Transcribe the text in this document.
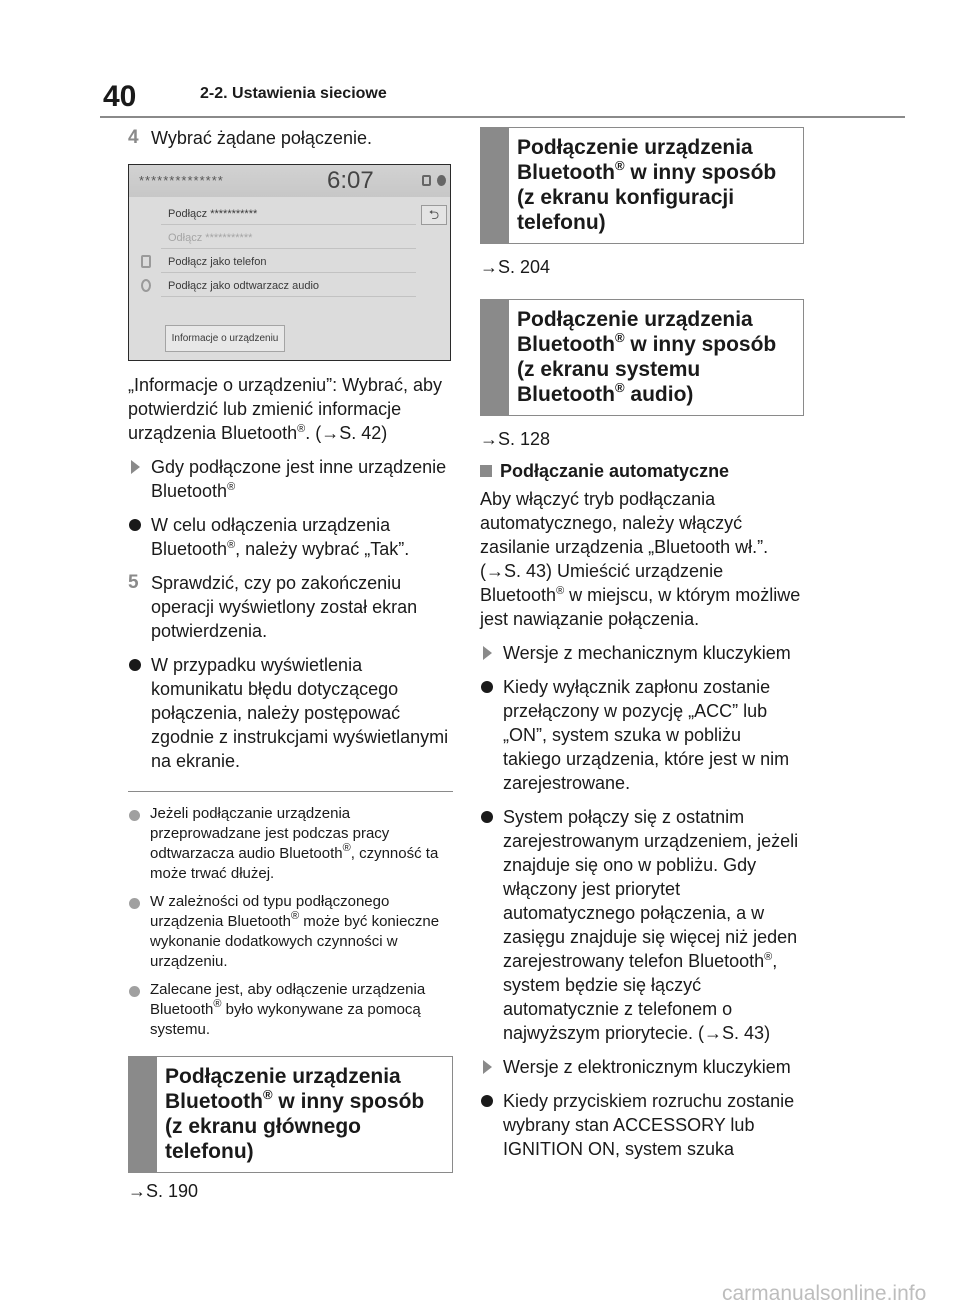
40	2-2. Ustawienia sieciowe
4 Wybrać żądane połączenie.
**************	6:07
⮌
Podłącz ***********
Odłącz ***********
Podłącz jako telefon
Podłącz jako odtwarzacz audio
Informacje o urządzeniu
„Informacje o urządzeniu”: Wybrać, aby potwierdzić lub zmienić informacje urządzenia Bluetooth®. (→S. 42)
Gdy podłączone jest inne urządzenie Bluetooth®
W celu odłączenia urządzenia Bluetooth®, należy wybrać „Tak”.
5 Sprawdzić, czy po zakończeniu operacji wyświetlony został ekran potwierdzenia.
W przypadku wyświetlenia komunikatu błędu dotyczącego połączenia, należy postępować zgodnie z instrukcjami wyświetlanymi na ekranie.
Jeżeli podłączanie urządzenia przeprowadzane jest podczas pracy odtwarzacza audio Bluetooth®, czynność ta może trwać dłużej.
W zależności od typu podłączonego urządzenia Bluetooth® może być konieczne wykonanie dodatkowych czynności w urządzeniu.
Zalecane jest, aby odłączenie urządzenia Bluetooth® było wykonywane za pomocą systemu.
Podłączenie urządzenia Bluetooth® w inny sposób (z ekranu głównego telefonu)
→S. 190
Podłączenie urządzenia Bluetooth® w inny sposób (z ekranu konfiguracji telefonu)
→S. 204
Podłączenie urządzenia Bluetooth® w inny sposób (z ekranu systemu Bluetooth® audio)
→S. 128
Podłączanie automatyczne
Aby włączyć tryb podłączania automatycznego, należy włączyć zasilanie urządzenia „Bluetooth wł.”. (→S. 43) Umieścić urządzenie Bluetooth® w miejscu, w którym możliwe jest nawiązanie połączenia.
Wersje z mechanicznym kluczykiem
Kiedy wyłącznik zapłonu zostanie przełączony w pozycję „ACC” lub „ON”, system szuka w pobliżu takiego urządzenia, które jest w nim zarejestrowane.
System połączy się z ostatnim zarejestrowanym urządzeniem, jeżeli znajduje się ono w pobliżu. Gdy włączony jest priorytet automatycznego połączenia, a w zasięgu znajduje się więcej niż jeden zarejestrowany telefon Bluetooth®, system będzie się łączyć automatycznie z telefonem o najwyższym priorytecie. (→S. 43)
Wersje z elektronicznym kluczykiem
Kiedy przyciskiem rozruchu zostanie wybrany stan ACCESSORY lub IGNITION ON, system szuka
carmanualsonline.info
